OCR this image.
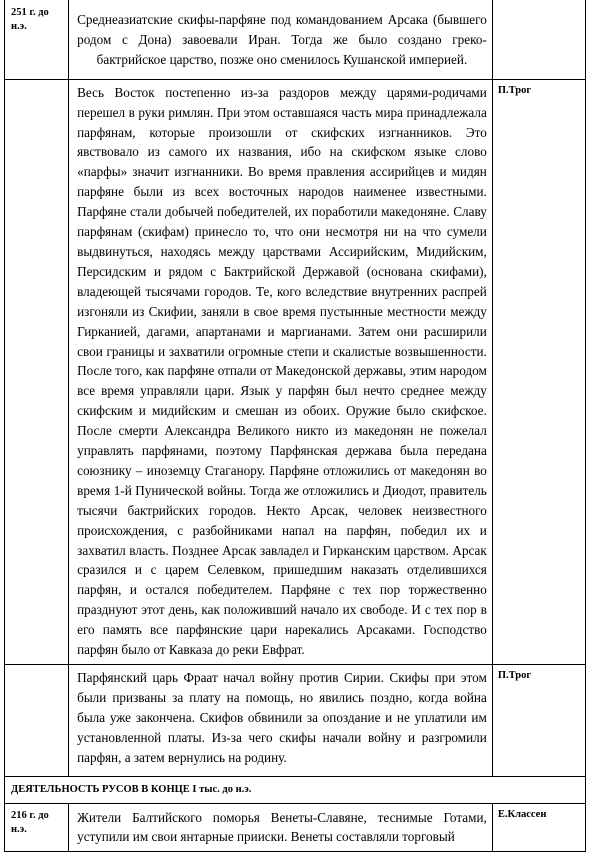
251 г. до н.э.	Среднеазиатские скифы-парфяне под командованием Арсака (бывшего родом с Дона) завоевали Иран. Тогда же было создано греко-бактрийское царство, позже оно сменилось Кушанской империей.	

	Весь Восток постепенно из-за раздоров между царями-родичами перешел в руки римлян. При этом оставшаяся часть мира принадлежала парфянам, которые произошли от скифских изгнанников. Это явствовало из самого их названия, ибо на скифском языке слово «парфы» значит изгнанники. Во время правления ассирийцев и мидян парфяне были из всех восточных народов наименее известными. Парфяне стали добычей победителей, их поработили македоняне. Славу парфянам (скифам) принесло то, что они несмотря ни на что сумели выдвинуться, находясь между царствами Ассирийским, Мидийским, Персидским и рядом с Бактрийской Державой (основана скифами), владеющей тысячами городов. Те, кого вследствие внутренних распрей изгоняли из Скифии, заняли в свое время пустынные местности между Гирканией, дагами, апартанами и маргианами. Затем они расширили свои границы и захватили огромные степи и скалистые возвышенности. После того, как парфяне отпали от Македонской державы, этим народом все время управляли цари. Язык у парфян был нечто среднее между скифским и мидийским и смешан из обоих. Оружие было скифское. После смерти Александра Великого никто из македонян не пожелал управлять парфянами, поэтому Парфянская держава была передана союзнику – иноземцу Стаганору. Парфяне отложились от македонян во время 1-й Пунической войны. Тогда же отложились и Диодот, правитель тысячи бактрийских городов. Некто Арсак, человек неизвестного происхождения, с разбойниками напал на парфян, победил их и захватил власть. Позднее Арсак завладел и Гирканским царством. Арсак сразился и с царем Селевком, пришедшим наказать отделившихся парфян, и остался победителем. Парфяне с тех пор торжественно празднуют этот день, как положивший начало их свободе. И с тех пор в его память все парфянские цари нарекались Арсаками. Господство парфян было от Кавказа до реки Евфрат.	П.Трог

	Парфянский царь Фраат начал войну против Сирии. Скифы при этом были призваны за плату на помощь, но явились поздно, когда война была уже закончена. Скифов обвинили за опоздание и не уплатили им установленной платы. Из-за чего скифы начали войну и разгромили парфян, а затем вернулись на родину.	П.Трог

ДЕЯТЕЛЬНОСТЬ РУСОВ В КОНЦЕ I тыс. до н.э.		

216 г. до н.э.	Жители Балтийского поморья Венеты-Славяне, теснимые Готами, уступили им свои янтарные прииски. Венеты составляли торговый	Е.Классен
